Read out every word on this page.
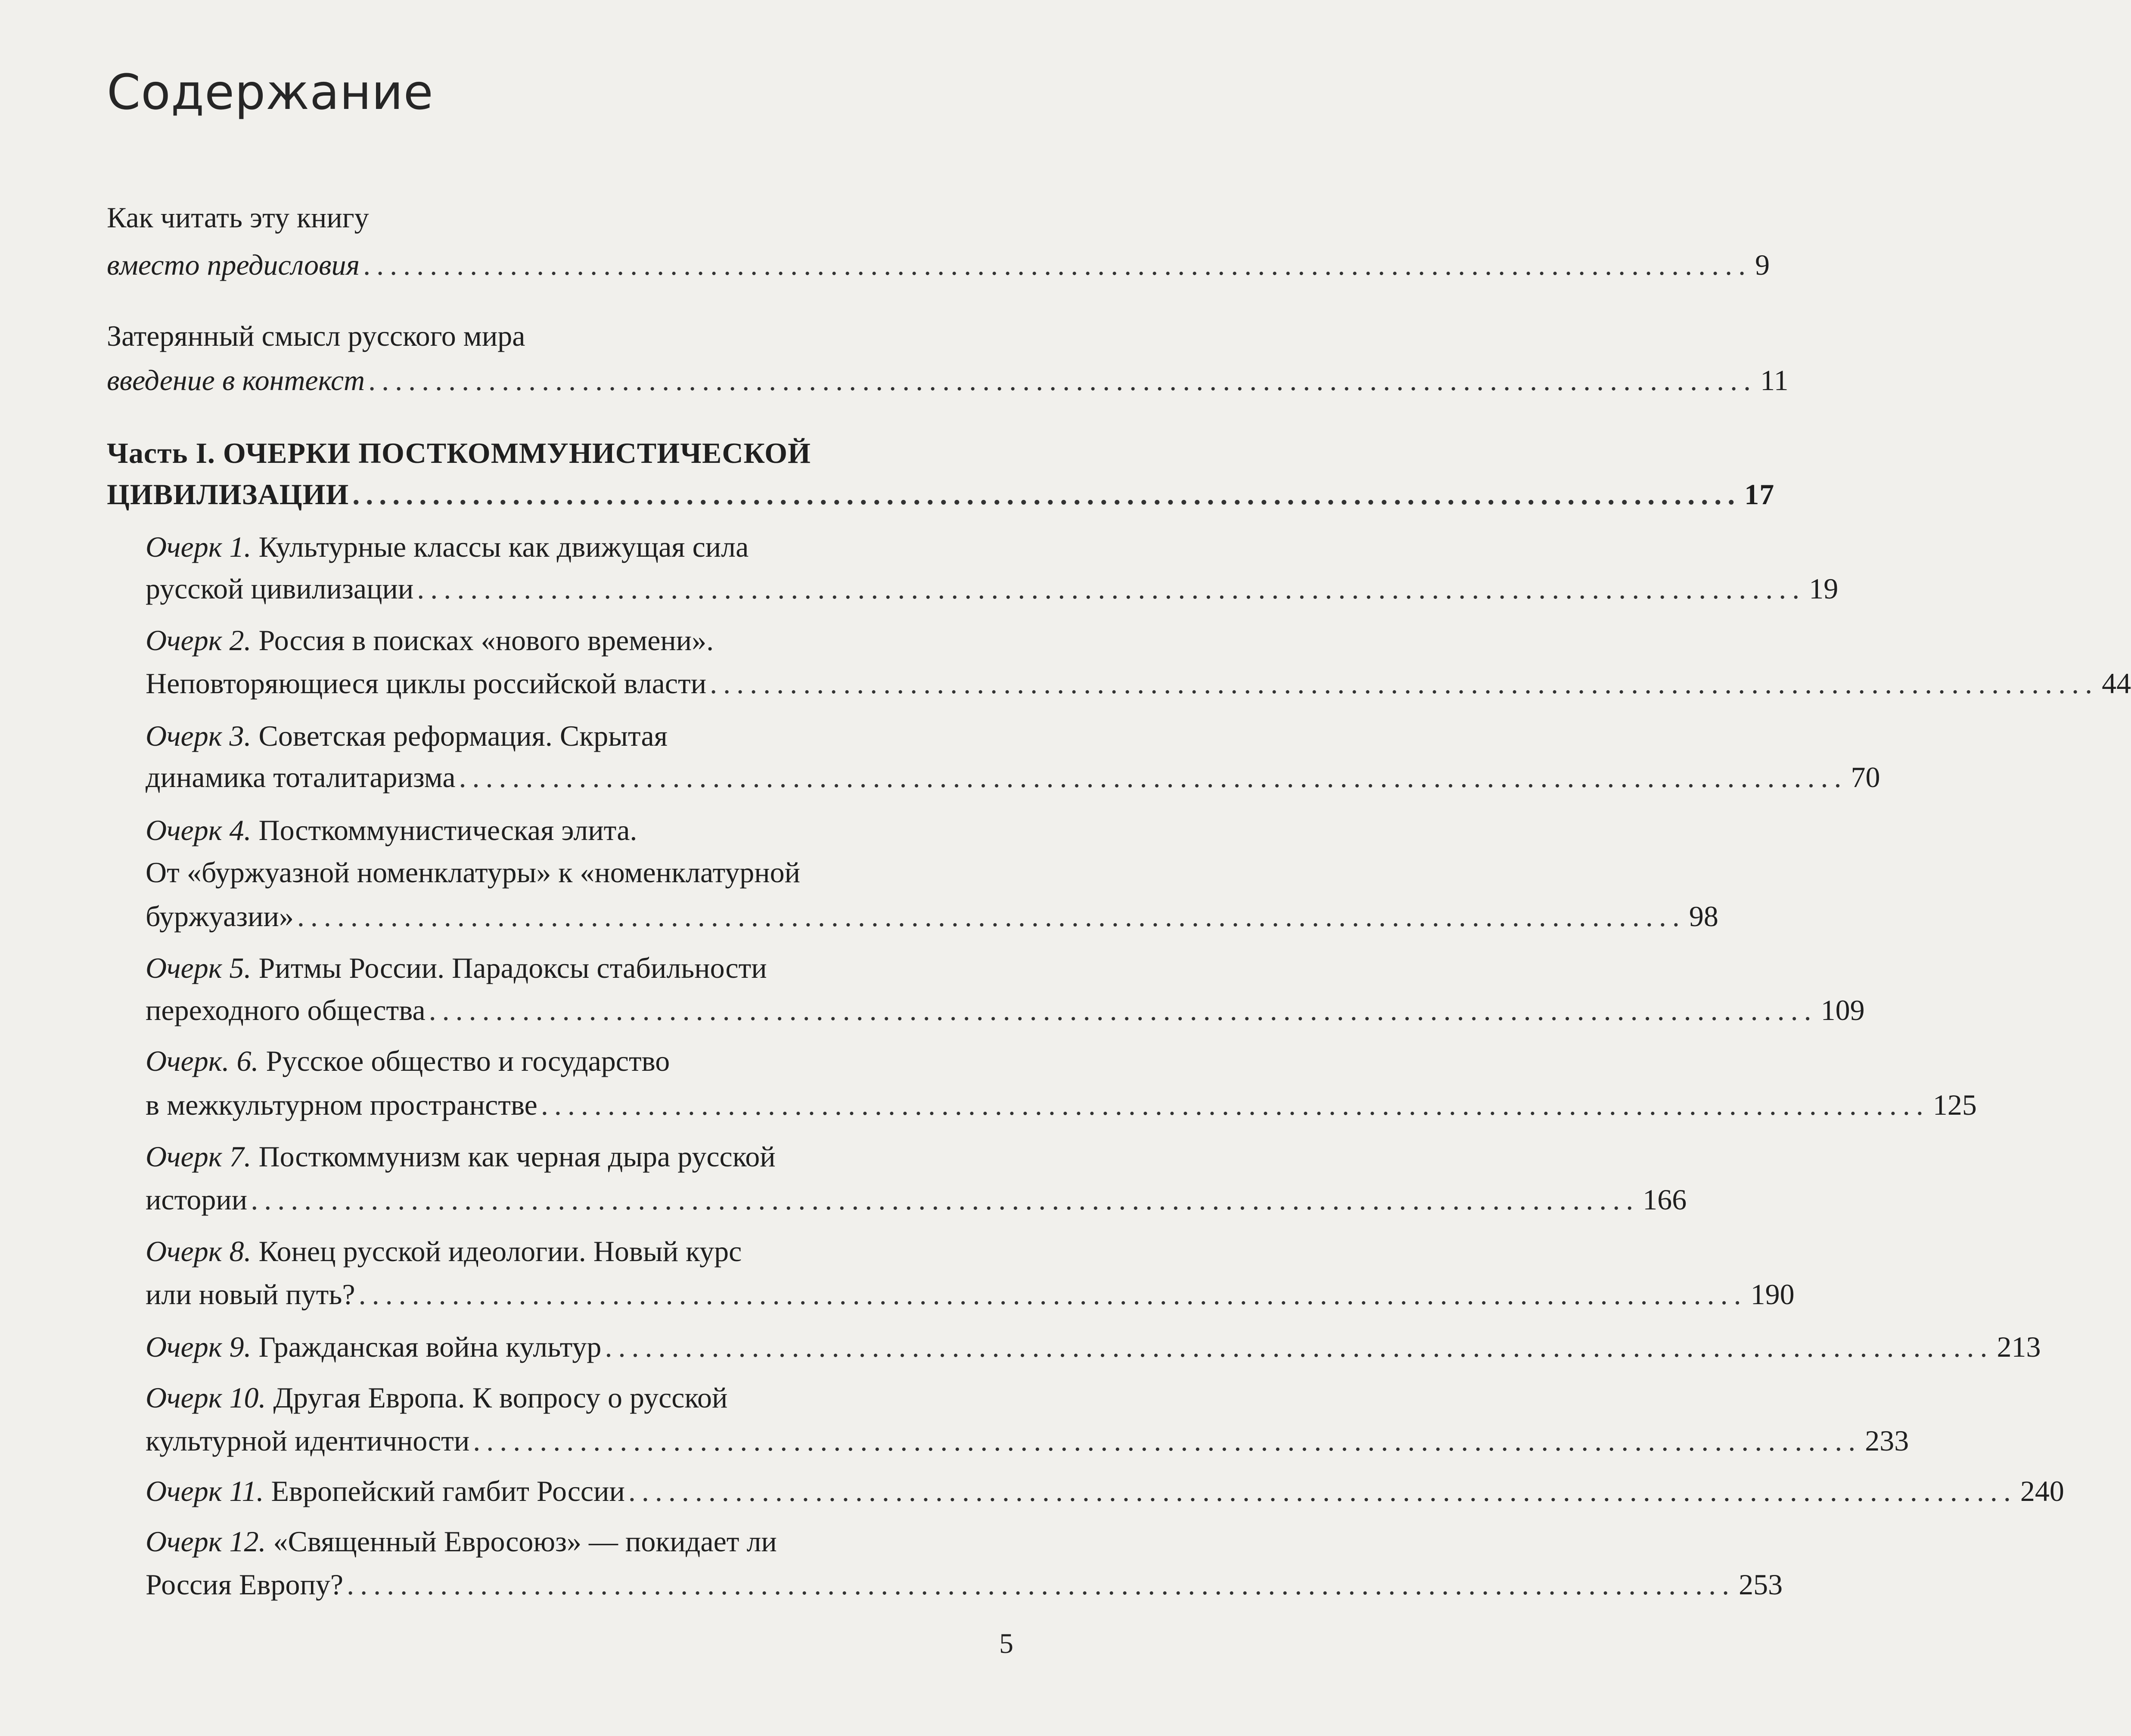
Содержание
Как читать эту книгу
вместо предисловия ........................................................................................................ 9
Затерянный смысл русского мира
введение в контекст ........................................................................................................ 11
Часть I. ОЧЕРКИ ПОСТКОММУНИСТИЧЕСКОЙ
ЦИВИЛИЗАЦИИ ........................................................................................................ 17
Очерк 1. Культурные классы как движущая сила
русской цивилизации ........................................................................................................ 19
Очерк 2. Россия в поисках «нового времени».
Неповторяющиеся циклы российской власти ........................................................................................................ 44
Очерк 3. Советская реформация. Скрытая
динамика тоталитаризма ........................................................................................................ 70
Очерк 4. Посткоммунистическая элита.
От «буржуазной номенклатуры» к «номенклатурной
буржуазии» ........................................................................................................ 98
Очерк 5. Ритмы России. Парадоксы стабильности
переходного общества ........................................................................................................ 109
Очерк. 6. Русское общество и государство
в межкультурном пространстве ........................................................................................................ 125
Очерк 7. Посткоммунизм как черная дыра русской
истории ........................................................................................................ 166
Очерк 8. Конец русской идеологии. Новый курс
или новый путь? ........................................................................................................ 190
Очерк 9. Гражданская война культур ........................................................................................................ 213
Очерк 10. Другая Европа. К вопросу о русской
культурной идентичности ........................................................................................................ 233
Очерк 11. Европейский гамбит России ........................................................................................................ 240
Очерк 12. «Священный Евросоюз» — покидает ли
Россия Европу? ........................................................................................................ 253
5
